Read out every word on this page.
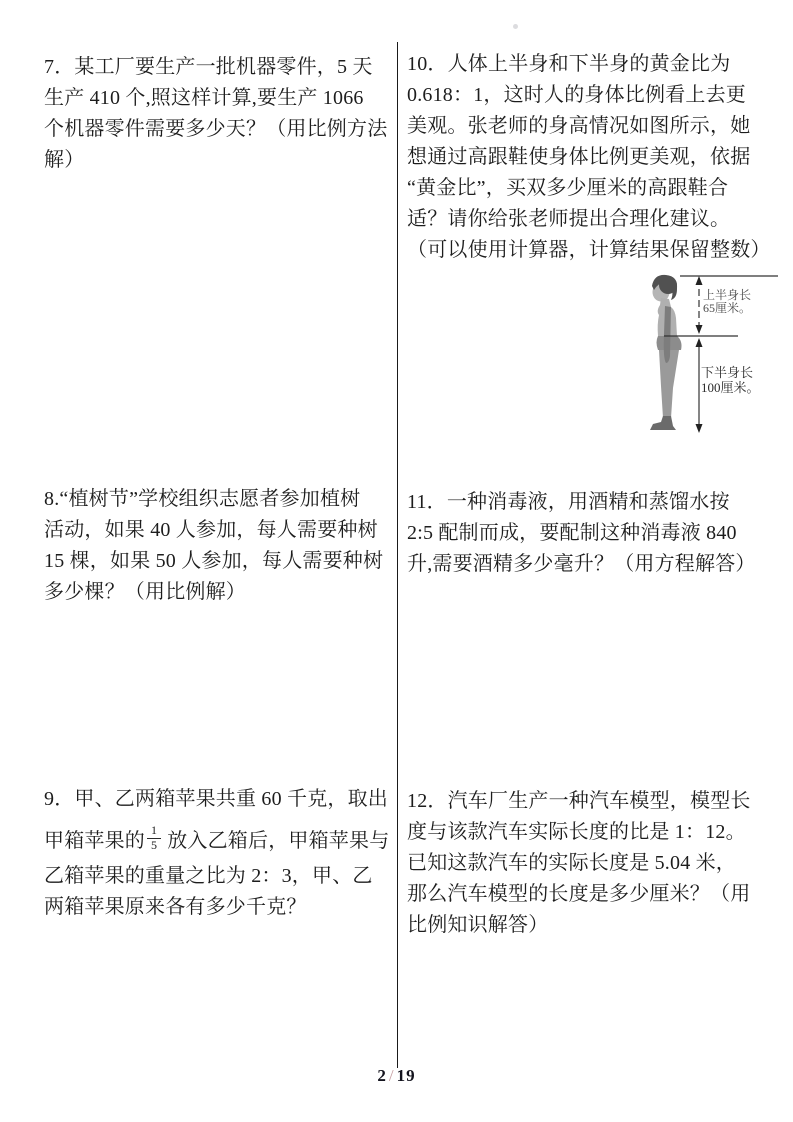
7．某工厂要生产一批机器零件，5 天
生产 410 个,照这样计算,要生产 1066
个机器零件需要多少天？（用比例方法
解）
8.“植树节”学校组织志愿者参加植树
活动，如果 40 人参加，每人需要种树
15 棵，如果 50 人参加，每人需要种树
多少棵？（用比例解）
9．甲、乙两箱苹果共重 60 千克，取出
甲箱苹果的 $\frac{1}{5}$ 放入乙箱后，甲箱苹果与
乙箱苹果的重量之比为 2：3，甲、乙
两箱苹果原来各有多少千克？
10．人体上半身和下半身的黄金比为
0.618：1，这时人的身体比例看上去更
美观。张老师的身高情况如图所示，她
想通过高跟鞋使身体比例更美观，依据
“黄金比”，买双多少厘米的高跟鞋合
适？请你给张老师提出合理化建议。
（可以使用计算器，计算结果保留整数）
上半身长
65厘米。
下半身长
100厘米。
11．一种消毒液，用酒精和蒸馏水按
2:5 配制而成，要配制这种消毒液 840
升,需要酒精多少毫升？（用方程解答）
12．汽车厂生产一种汽车模型，模型长
度与该款汽车实际长度的比是 1：12。
已知这款汽车的实际长度是 5.04 米，
那么汽车模型的长度是多少厘米？（用
比例知识解答）
2 / 19
